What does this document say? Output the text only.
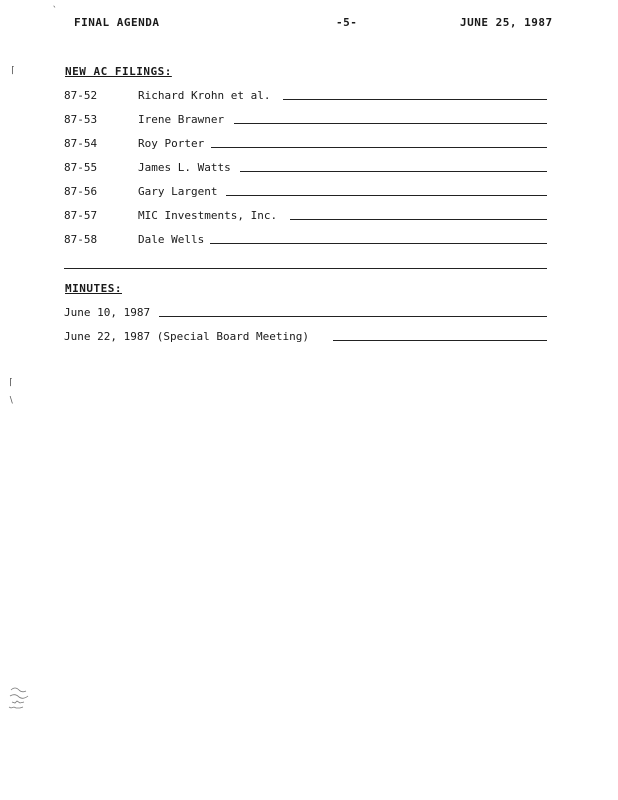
FINAL AGENDA	-5-	JUNE 25, 1987
`
⌈
⌈
∖
NEW AC FILINGS:
87-52	Richard Krohn et al.
87-53	Irene Brawner
87-54	Roy Porter
87-55	James L. Watts
87-56	Gary Largent
87-57	MIC Investments, Inc.
87-58	Dale Wells
MINUTES:
June 10, 1987
June 22, 1987 (Special Board Meeting)
